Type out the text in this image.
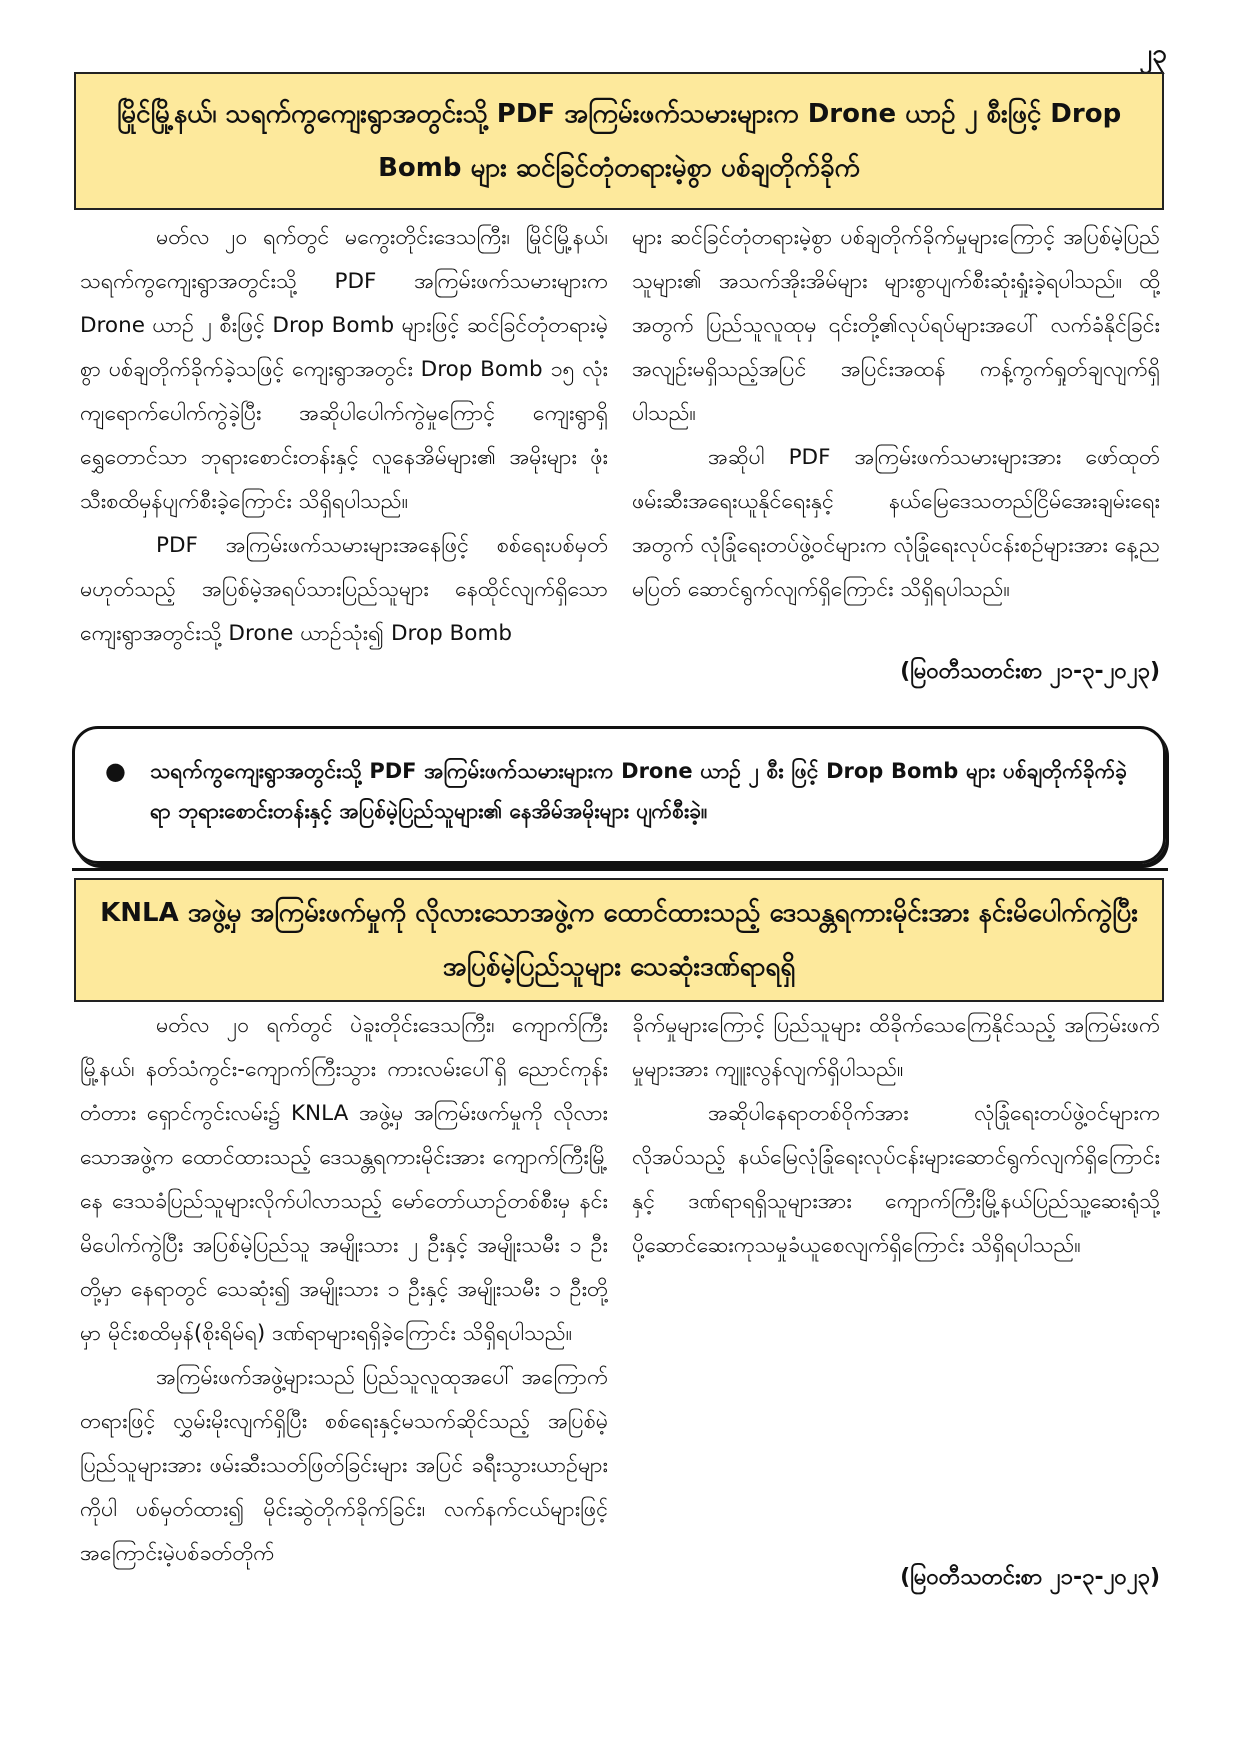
၂၃
မြိုင်မြို့နယ်၊ သရက်ကွကျေးရွာအတွင်းသို့ PDF အကြမ်းဖက်သမားများက Drone ယာဉ် ၂ စီးဖြင့် Drop Bomb များ ဆင်ခြင်တုံတရားမဲ့စွာ ပစ်ချတိုက်ခိုက်

မတ်လ ၂၀ ရက်တွင် မကွေးတိုင်းဒေသကြီး၊ မြိုင်မြို့နယ်၊ သရက်ကွကျေးရွာအတွင်းသို့ PDF အကြမ်းဖက်သမားများက Drone ယာဉ် ၂ စီးဖြင့် Drop Bomb များဖြင့် ဆင်ခြင်တုံတရားမဲ့စွာ ပစ်ချတိုက်ခိုက်ခဲ့သဖြင့် ကျေးရွာအတွင်း Drop Bomb ၁၅ လုံး ကျရောက်ပေါက်ကွဲခဲ့ပြီး အဆိုပါပေါက်ကွဲမှုကြောင့် ကျေးရွာရှိ ရွှေတောင်သာ ဘုရားစောင်းတန်းနှင့် လူနေအိမ်များ၏ အမိုးများ ဖုံးသီးစထိမှန်ပျက်စီးခဲ့ကြောင်း သိရှိရပါသည်။

PDF အကြမ်းဖက်သမားများအနေဖြင့် စစ်ရေးပစ်မှတ်မဟုတ်သည့် အပြစ်မဲ့အရပ်သားပြည်သူများ နေထိုင်လျက်ရှိသော ကျေးရွာအတွင်းသို့ Drone ယာဉ်သုံး၍ Drop Bomb

များ ဆင်ခြင်တုံတရားမဲ့စွာ ပစ်ချတိုက်ခိုက်မှုများကြောင့် အပြစ်မဲ့ပြည်သူများ၏ အသက်အိုးအိမ်များ များစွာပျက်စီးဆုံးရှုံးခဲ့ရပါသည်။ ထို့အတွက် ပြည်သူလူထုမှ ၎င်းတို့၏လုပ်ရပ်များအပေါ် လက်ခံနိုင်ခြင်းအလျဉ်းမရှိသည့်အပြင် အပြင်းအထန် ကန့်ကွက်ရှုတ်ချလျက်ရှိပါသည်။

အဆိုပါ PDF အကြမ်းဖက်သမားများအား ဖော်ထုတ်ဖမ်းဆီးအရေးယူနိုင်ရေးနှင့် နယ်မြေဒေသတည်ငြိမ်အေးချမ်းရေးအတွက် လုံခြုံရေးတပ်ဖွဲ့ဝင်များက လုံခြုံရေးလုပ်ငန်းစဉ်များအား နေ့ညမပြတ် ဆောင်ရွက်လျက်ရှိကြောင်း သိရှိရပါသည်။

(မြဝတီသတင်းစာ ၂၁-၃-၂၀၂၃)
● သရက်ကွကျေးရွာအတွင်းသို့ PDF အကြမ်းဖက်သမားများက Drone ယာဉ် ၂ စီး ဖြင့် Drop Bomb များ ပစ်ချတိုက်ခိုက်ခဲ့ရာ ဘုရားစောင်းတန်းနှင့် အပြစ်မဲ့ပြည်သူများ၏ နေအိမ်အမိုးများ ပျက်စီးခဲ့။

KNLA အဖွဲ့မှ အကြမ်းဖက်မှုကို လိုလားသောအဖွဲ့က ထောင်ထားသည့် ဒေသန္တရကားမိုင်းအား နင်းမိပေါက်ကွဲပြီး အပြစ်မဲ့ပြည်သူများ သေဆုံးဒဏ်ရာရရှိ

မတ်လ ၂၀ ရက်တွင် ပဲခူးတိုင်းဒေသကြီး၊ ကျောက်ကြီးမြို့နယ်၊ နတ်သံကွင်း-ကျောက်ကြီးသွား ကားလမ်းပေါ်ရှိ ညောင်ကုန်းတံတား ရှောင်ကွင်းလမ်း၌ KNLA အဖွဲ့မှ အကြမ်းဖက်မှုကို လိုလားသောအဖွဲ့က ထောင်ထားသည့် ဒေသန္တရကားမိုင်းအား ကျောက်ကြီးမြို့နေ ဒေသခံပြည်သူများလိုက်ပါလာသည့် မော်တော်ယာဉ်တစ်စီးမှ နင်းမိပေါက်ကွဲပြီး အပြစ်မဲ့ပြည်သူ အမျိုးသား ၂ ဦးနှင့် အမျိုးသမီး ၁ ဦးတို့မှာ နေရာတွင် သေဆုံး၍ အမျိုးသား ၁ ဦးနှင့် အမျိုးသမီး ၁ ဦးတို့မှာ မိုင်းစထိမှန်(စိုးရိမ်ရ) ဒဏ်ရာများရရှိခဲ့ကြောင်း သိရှိရပါသည်။

အကြမ်းဖက်အဖွဲ့များသည် ပြည်သူလူထုအပေါ် အကြောက်တရားဖြင့် လွှမ်းမိုးလျက်ရှိပြီး စစ်ရေးနှင့်မသက်ဆိုင်သည့် အပြစ်မဲ့ပြည်သူများအား ဖမ်းဆီးသတ်ဖြတ်ခြင်းများ အပြင် ခရီးသွားယာဉ်များကိုပါ ပစ်မှတ်ထား၍ မိုင်းဆွဲတိုက်ခိုက်ခြင်း၊ လက်နက်ငယ်များဖြင့် အကြောင်းမဲ့ပစ်ခတ်တိုက်

ခိုက်မှုများကြောင့် ပြည်သူများ ထိခိုက်သေကြေနိုင်သည့် အကြမ်းဖက်မှုများအား ကျူးလွန်လျက်ရှိပါသည်။

အဆိုပါနေရာတစ်ဝိုက်အား လုံခြုံရေးတပ်ဖွဲ့ဝင်များက လိုအပ်သည့် နယ်မြေလုံခြုံရေးလုပ်ငန်းများဆောင်ရွက်လျက်ရှိကြောင်းနှင့် ဒဏ်ရာရရှိသူများအား ကျောက်ကြီးမြို့နယ်ပြည်သူ့ဆေးရုံသို့ ပို့ဆောင်ဆေးကုသမှုခံယူစေလျက်ရှိကြောင်း သိရှိရပါသည်။

(မြဝတီသတင်းစာ ၂၁-၃-၂၀၂၃)
